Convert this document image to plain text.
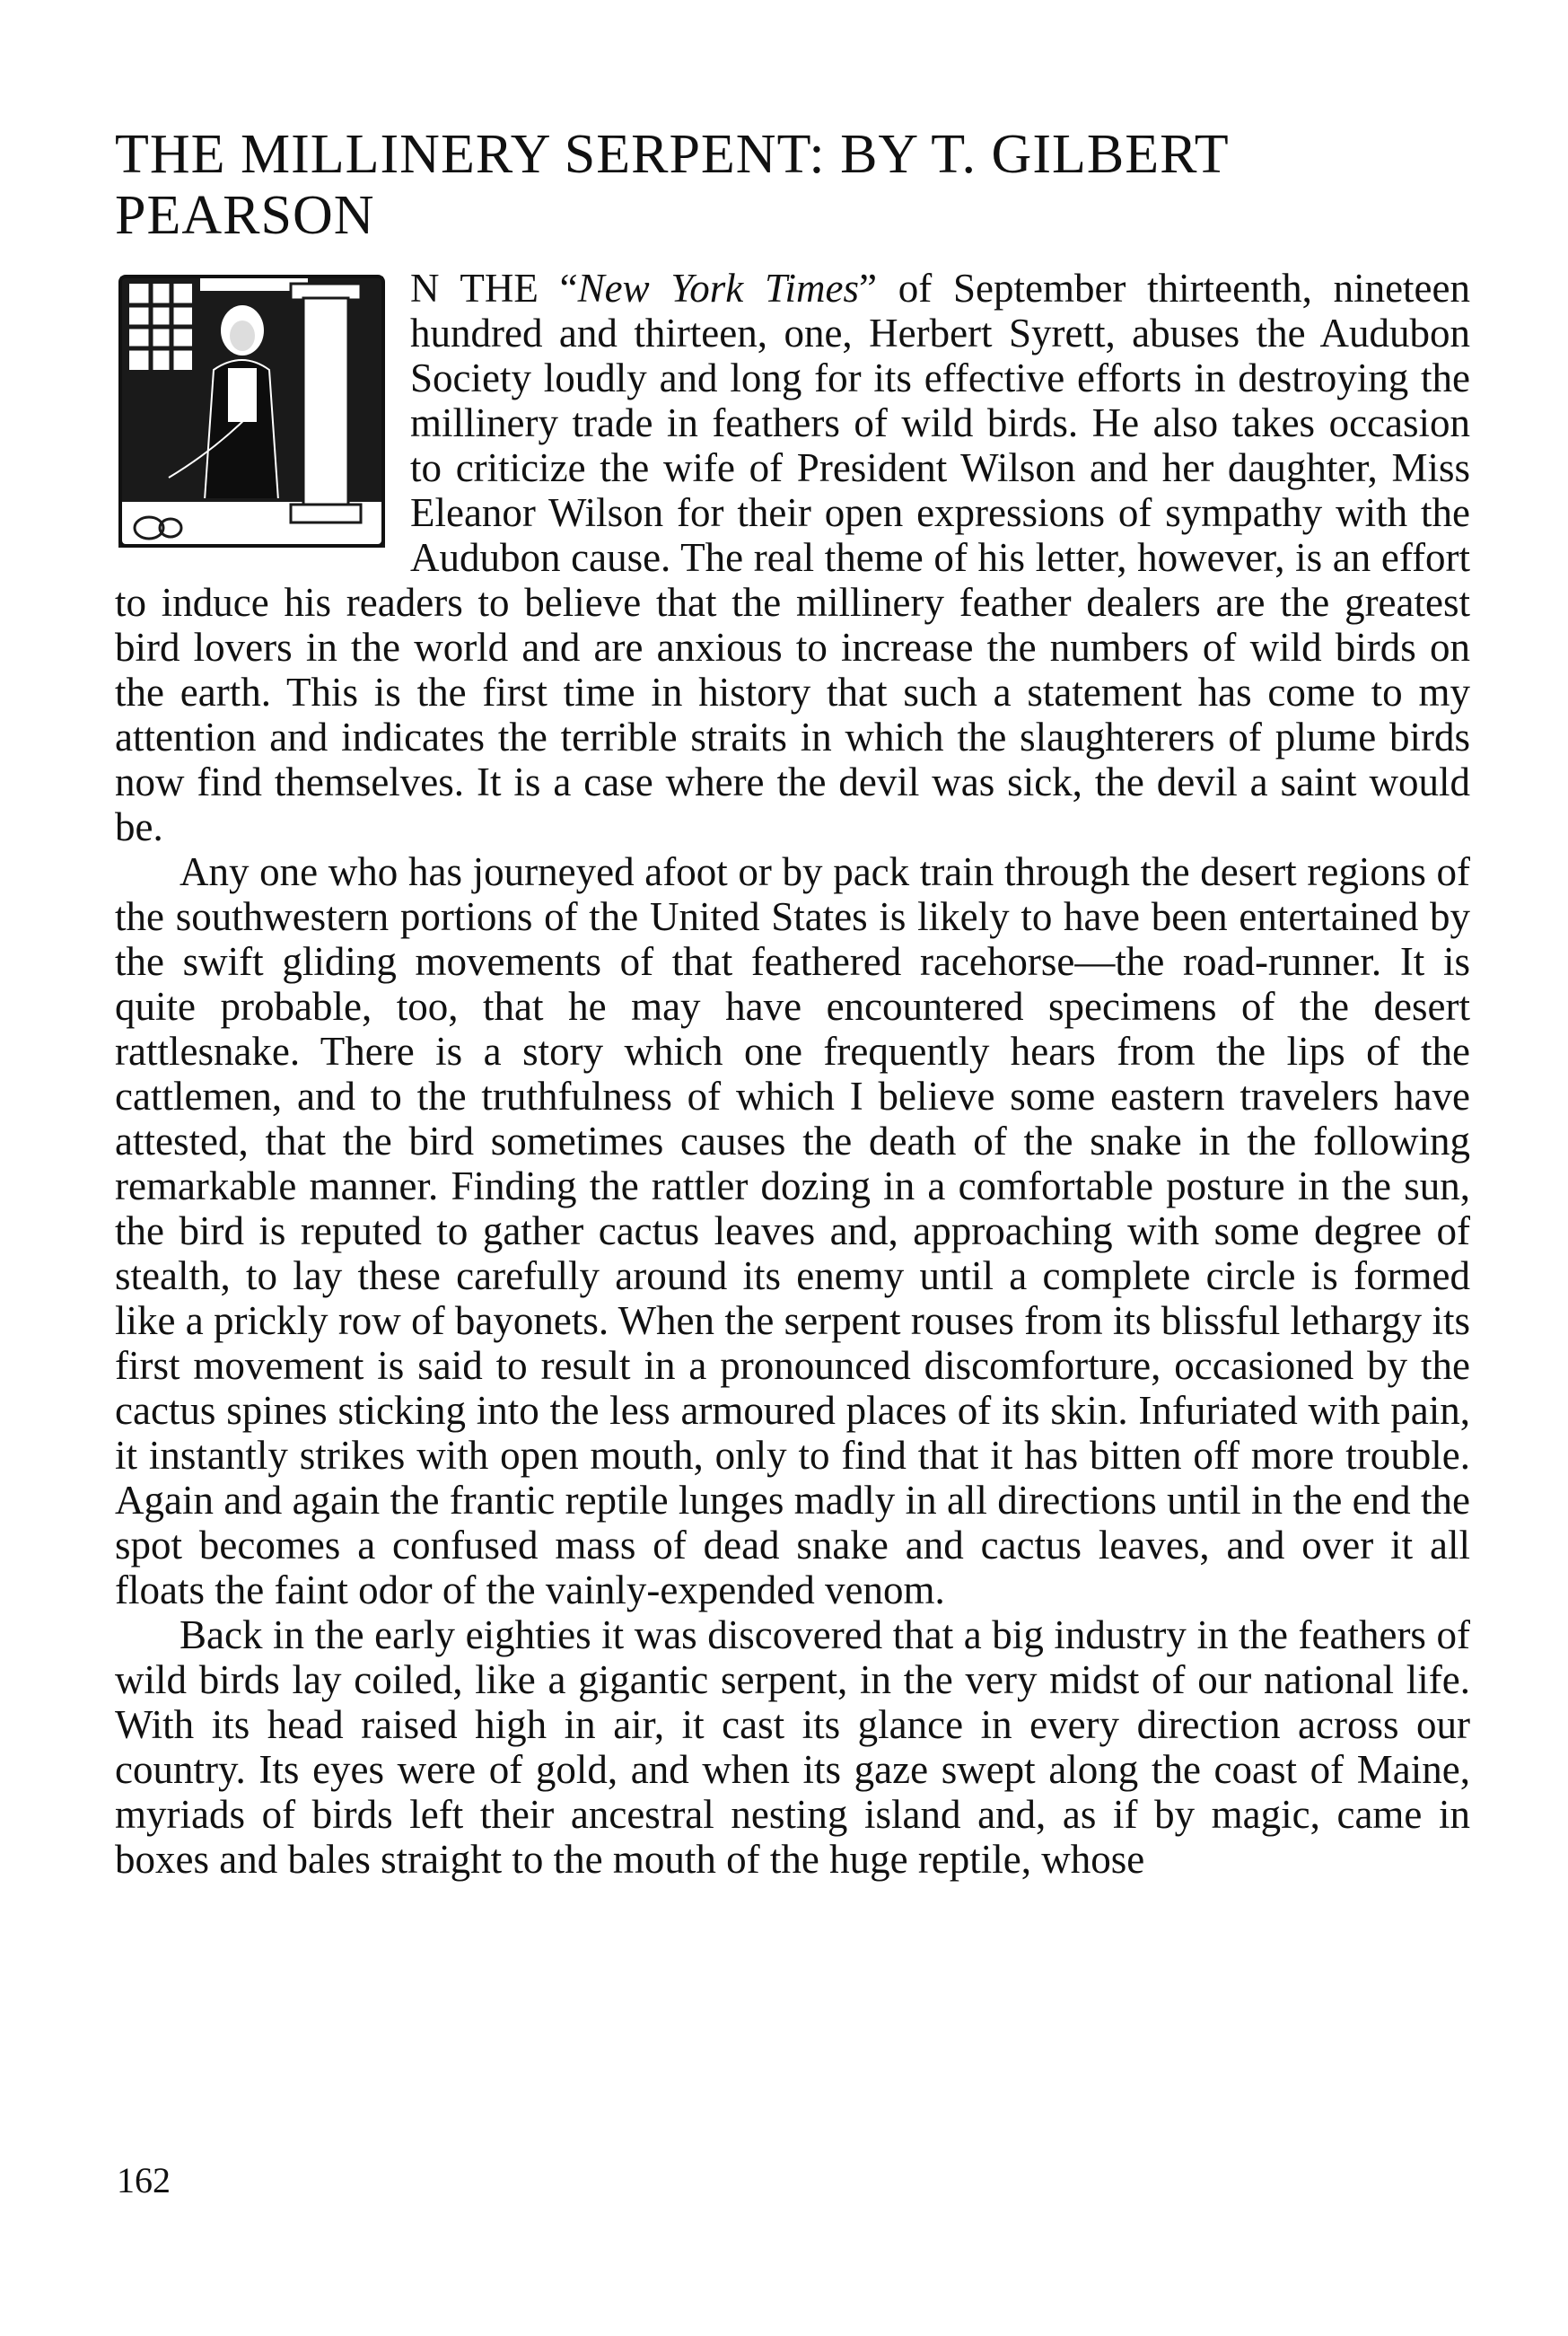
THE MILLINERY SERPENT: BY T. GILBERT PEARSON
I

N THE “New York Times” of September thirteenth, nineteen hundred and thirteen, one, Herbert Syrett, abuses the Audubon Society loudly and long for its effective efforts in destroying the millinery trade in feathers of wild birds. He also takes occasion to criticize the wife of President Wilson and her daughter, Miss Eleanor Wilson for their open expressions of sympathy with the Audubon cause. The real theme of his letter, however, is an effort to induce his readers to believe that the millinery feather dealers are the greatest bird lovers in the world and are anxious to increase the numbers of wild birds on the earth. This is the first time in history that such a statement has come to my attention and indicates the terrible straits in which the slaughterers of plume birds now find themselves. It is a case where the devil was sick, the devil a saint would be.

Any one who has journeyed afoot or by pack train through the desert regions of the southwestern portions of the United States is likely to have been entertained by the swift gliding movements of that feathered racehorse—the road-runner. It is quite probable, too, that he may have encountered specimens of the desert rattlesnake. There is a story which one frequently hears from the lips of the cattlemen, and to the truthfulness of which I believe some eastern travelers have attested, that the bird sometimes causes the death of the snake in the following remarkable manner. Finding the rattler dozing in a comfortable posture in the sun, the bird is reputed to gather cactus leaves and, approaching with some degree of stealth, to lay these carefully around its enemy until a complete circle is formed like a prickly row of bayonets. When the serpent rouses from its blissful lethargy its first movement is said to result in a pronounced discomforture, occasioned by the cactus spines sticking into the less armoured places of its skin. Infuriated with pain, it instantly strikes with open mouth, only to find that it has bitten off more trouble. Again and again the frantic reptile lunges madly in all directions until in the end the spot becomes a confused mass of dead snake and cactus leaves, and over it all floats the faint odor of the vainly-expended venom.

Back in the early eighties it was discovered that a big industry in the feathers of wild birds lay coiled, like a gigantic serpent, in the very midst of our national life. With its head raised high in air, it cast its glance in every direction across our country. Its eyes were of gold, and when its gaze swept along the coast of Maine, myriads of birds left their ancestral nesting island and, as if by magic, came in boxes and bales straight to the mouth of the huge reptile, whose

162
